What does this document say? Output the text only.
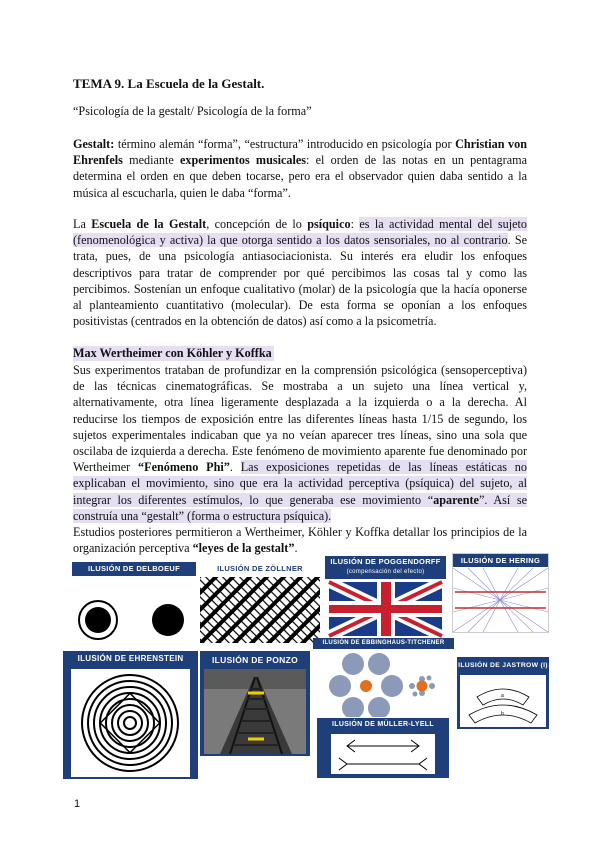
TEMA 9. La Escuela de la Gestalt.
“Psicología de la gestalt/ Psicología de la forma”
Gestalt: término alemán “forma”, “estructura” introducido en psicología por Christian von Ehrenfels mediante experimentos musicales: el orden de las notas en un pentagrama determina el orden en que deben tocarse, pero era el observador quien daba sentido a la música al escucharla, quien le daba “forma”.
La Escuela de la Gestalt, concepción de lo psíquico: es la actividad mental del sujeto (fenomenológica y activa) la que otorga sentido a los datos sensoriales, no al contrario. Se trata, pues, de una psicología antiasociacionista. Su interés era eludir los enfoques descriptivos para tratar de comprender por qué percibimos las cosas tal y como las percibimos. Sostenían un enfoque cualitativo (molar) de la psicología que la hacía oponerse al planteamiento cuantitativo (molecular). De esta forma se oponían a los enfoques positivistas (centrados en la obtención de datos) así como a la psicometría.
Max Wertheimer con Köhler y Koffka
Sus experimentos trataban de profundizar en la comprensión psicológica (sensoperceptiva) de las técnicas cinematográficas. Se mostraba a un sujeto una línea vertical y, alternativamente, otra línea ligeramente desplazada a la izquierda o a la derecha. Al reducirse los tiempos de exposición entre las diferentes líneas hasta 1/15 de segundo, los sujetos experimentales indicaban que ya no veían aparecer tres líneas, sino una sola que oscilaba de izquierda a derecha. Este fenómeno de movimiento aparente fue denominado por Wertheimer “Fenómeno Phi”. Las exposiciones repetidas de las líneas estáticas no explicaban el movimiento, sino que era la actividad perceptiva (psíquica) del sujeto, al integrar los diferentes estímulos, lo que generaba ese movimiento “aparente”. Así se construía una “gestalt” (forma o estructura psíquica).
Estudios posteriores permitieron a Wertheimer, Köhler y Koffka detallar los principios de la organización perceptiva “leyes de la gestalt”.
ILUSIÓN DE DELBOEUF	ILUSIÓN DE ZÖLLNER
ILUSIÓN DE POGGENDORFF
(compensación del efecto)
ILUSIÓN DE HERING
ILUSIÓN DE EHRENSTEIN	ILUSIÓN DE PONZO
ILUSIÓN DE EBBINGHAUS-TITCHENER
ILUSIÓN DE JASTROW (I)
a
b
ILUSIÓN DE MÜLLER-LYELL
1
